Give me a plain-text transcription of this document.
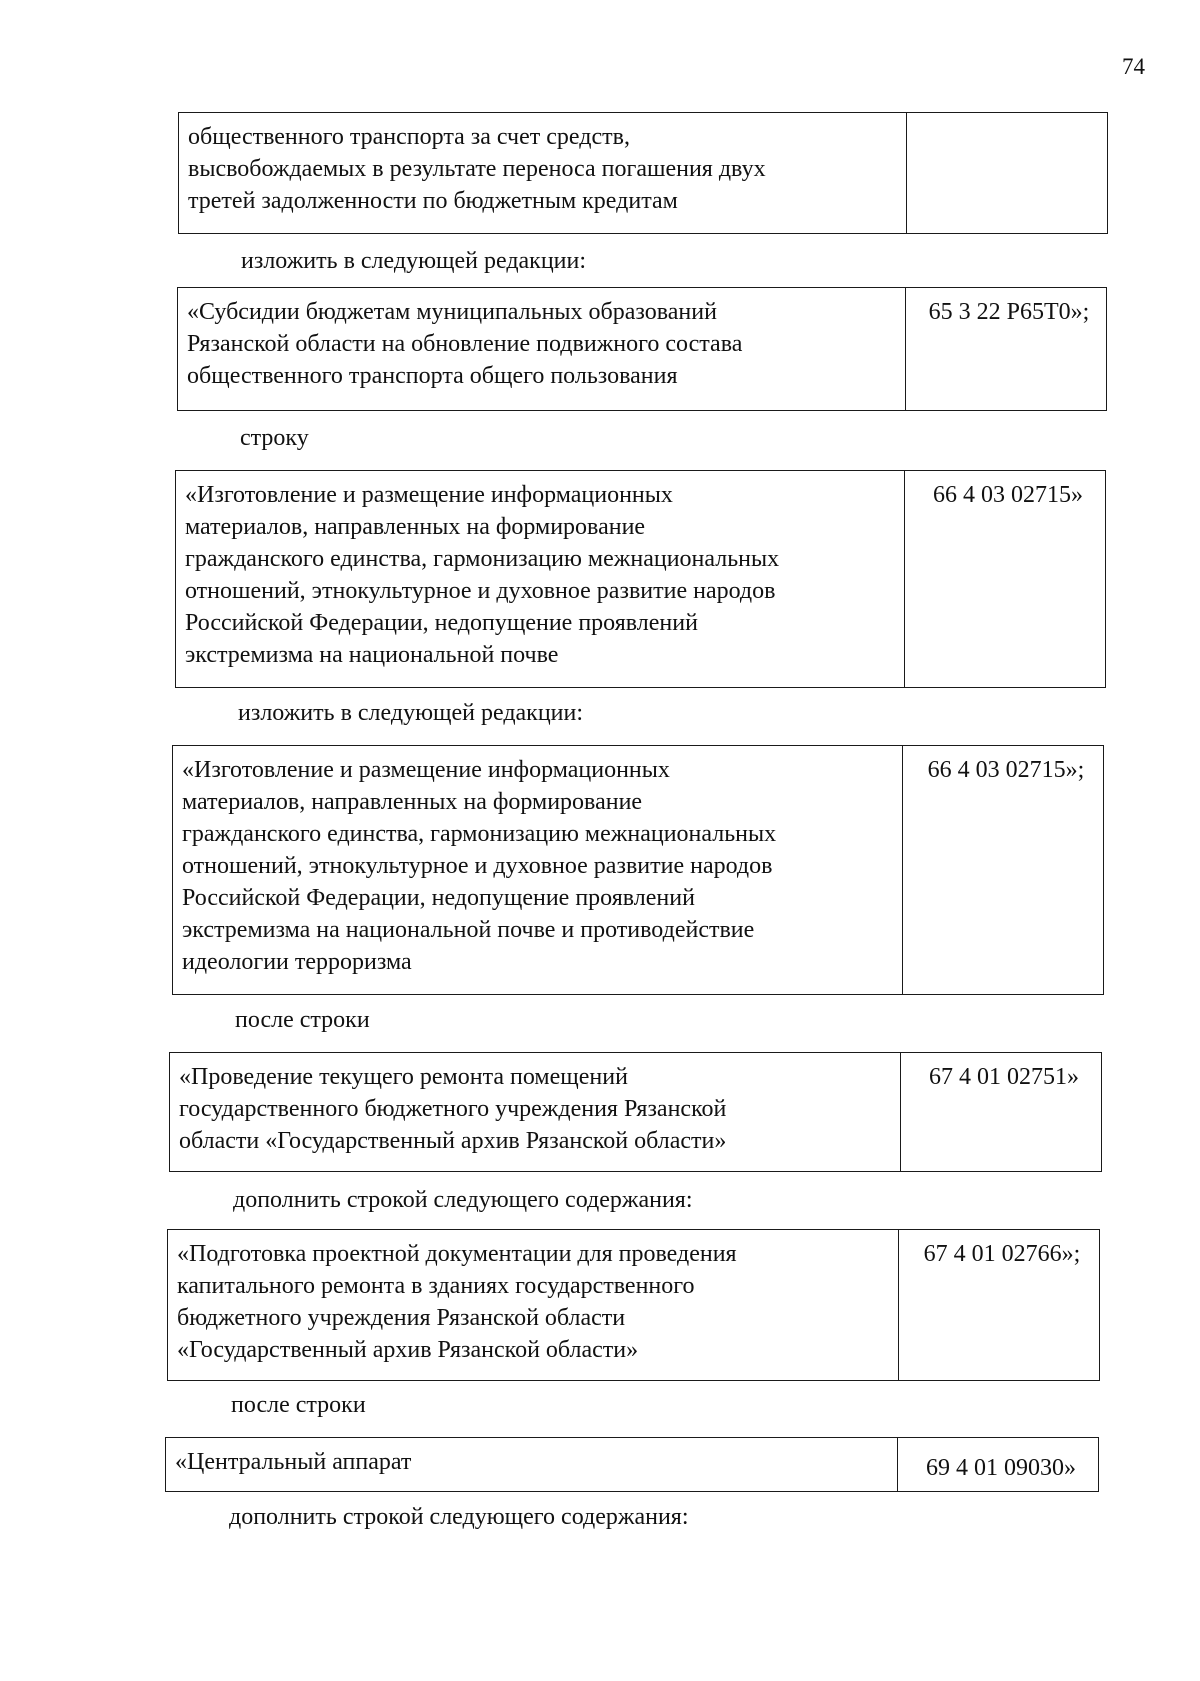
74
общественного транспорта за счет средств,
высвобождаемых в результате переноса погашения двух
третей задолженности по бюджетным кредитам
изложить в следующей редакции:
«Субсидии бюджетам муниципальных образований
Рязанской области на обновление подвижного состава
общественного транспорта общего пользования
65 3 22 Р65Т0»;
строку
«Изготовление и размещение информационных
материалов, направленных на формирование
гражданского единства, гармонизацию межнациональных
отношений, этнокультурное и духовное развитие народов
Российской Федерации, недопущение проявлений
экстремизма на национальной почве
66 4 03 02715»
изложить в следующей редакции:
«Изготовление и размещение информационных
материалов, направленных на формирование
гражданского единства, гармонизацию межнациональных
отношений, этнокультурное и духовное развитие народов
Российской Федерации, недопущение проявлений
экстремизма на национальной почве и противодействие
идеологии терроризма
66 4 03 02715»;
после строки
«Проведение текущего ремонта помещений
государственного бюджетного учреждения Рязанской
области «Государственный архив Рязанской области»
67 4 01 02751»
дополнить строкой следующего содержания:
«Подготовка проектной документации для проведения
капитального ремонта в зданиях государственного
бюджетного учреждения Рязанской области
«Государственный архив Рязанской области»
67 4 01 02766»;
после строки
«Центральный аппарат	69 4 01 09030»
дополнить строкой следующего содержания:
